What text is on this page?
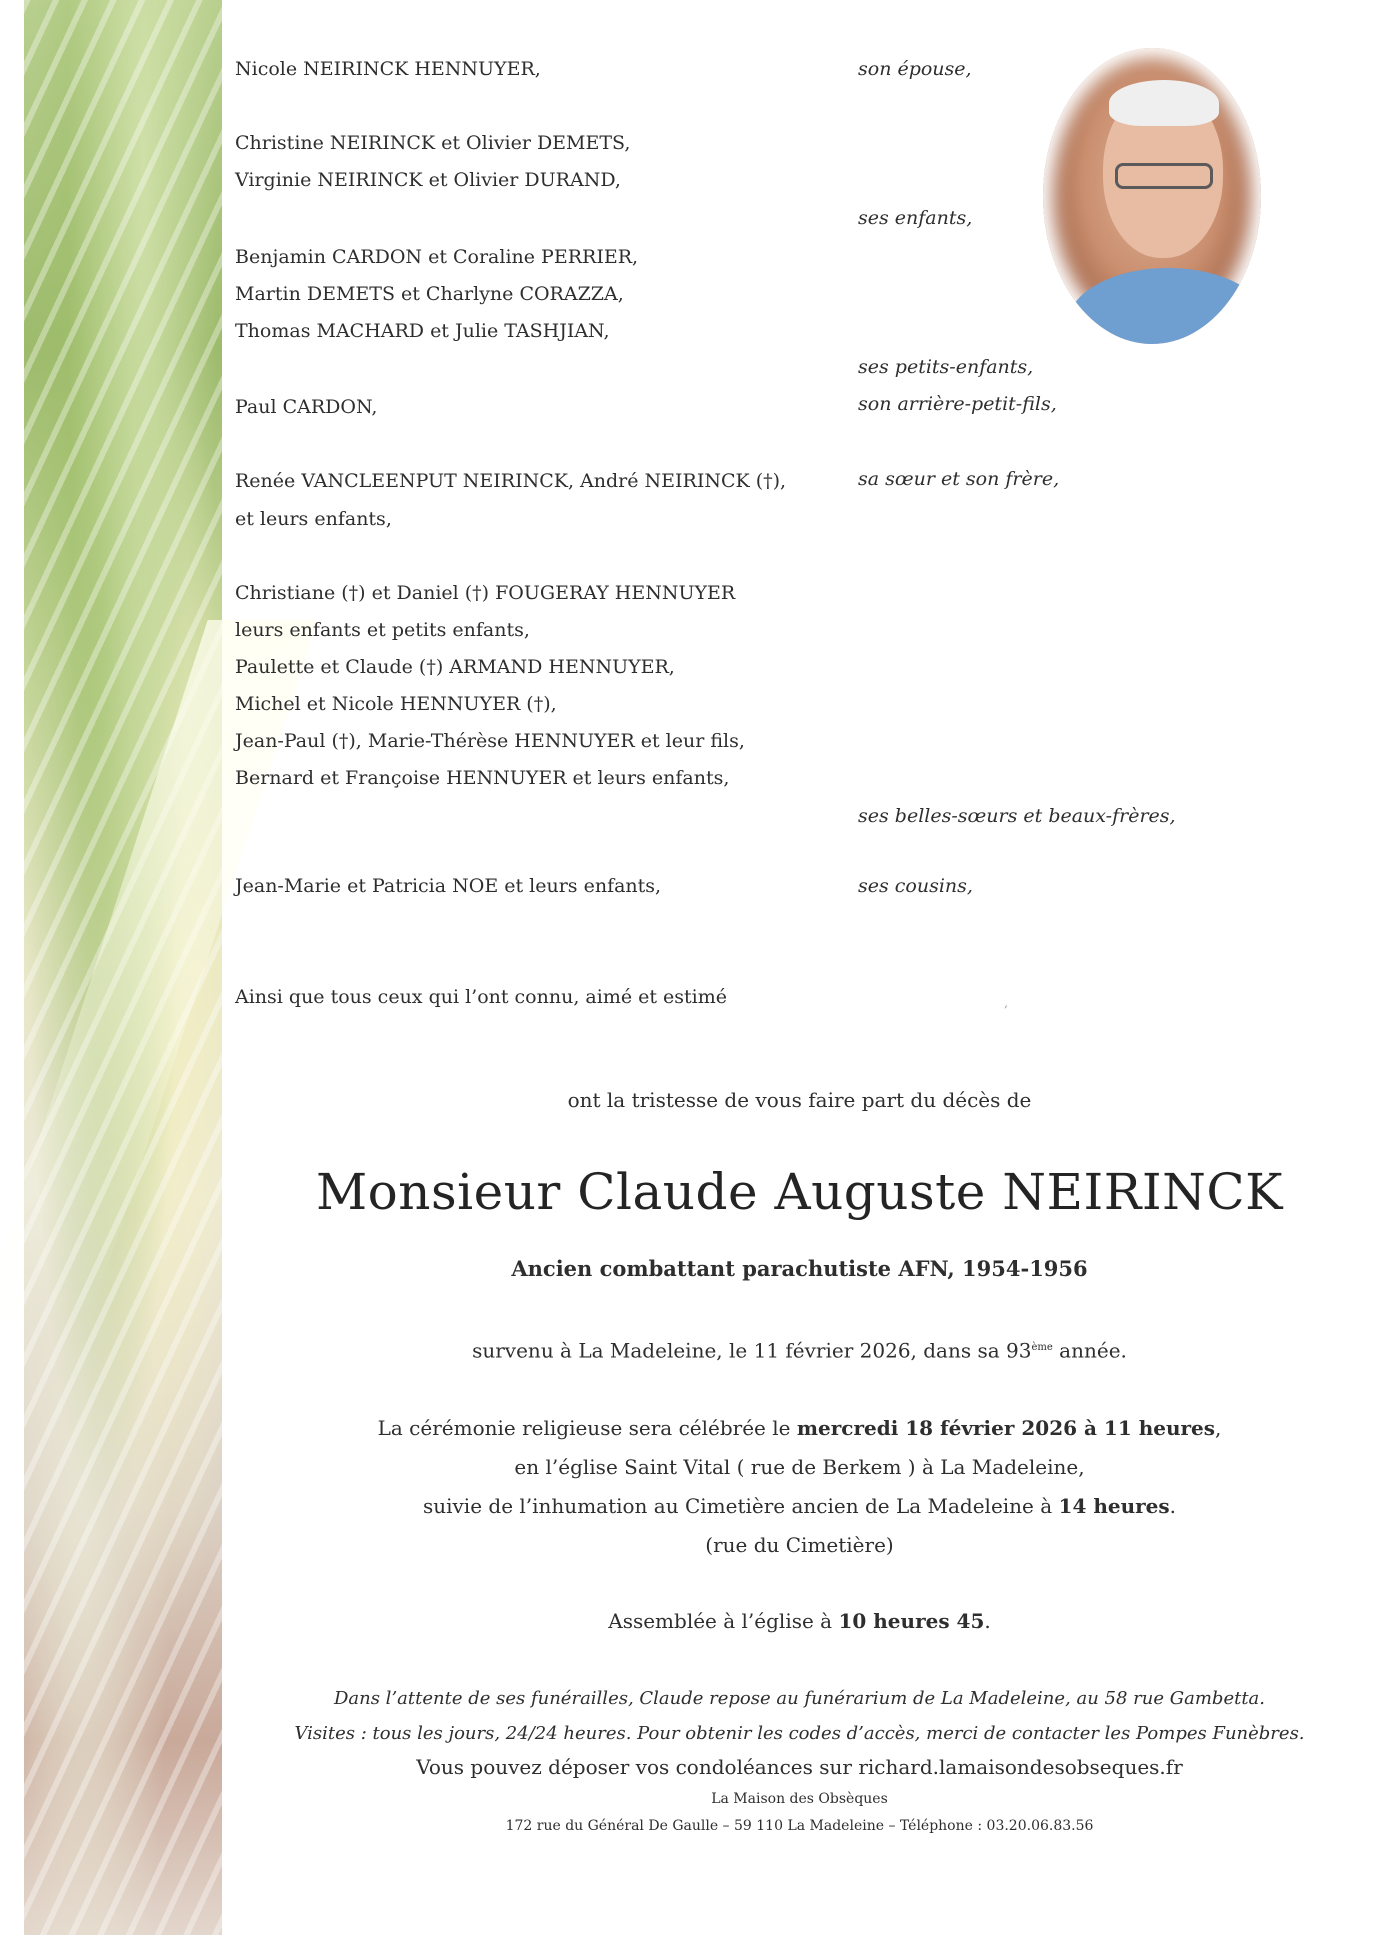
Nicole NEIRINCK HENNUYER,
Christine NEIRINCK et Olivier DEMETS,
Virginie NEIRINCK et Olivier DURAND,
Benjamin CARDON et Coraline PERRIER,
Martin DEMETS et Charlyne CORAZZA,
Thomas MACHARD et Julie TASHJIAN,
Paul CARDON,
Renée VANCLEENPUT NEIRINCK, André NEIRINCK (†),
et leurs enfants,
Christiane (†) et Daniel (†) FOUGERAY HENNUYER
leurs enfants et petits enfants,
Paulette et Claude (†) ARMAND HENNUYER,
Michel et Nicole HENNUYER (†),
Jean-Paul (†), Marie-Thérèse HENNUYER et leur fils,
Bernard et Françoise HENNUYER et leurs enfants,
Jean-Marie et Patricia NOE et leurs enfants,
Ainsi que tous ceux qui l’ont connu, aimé et estimé
son épouse,
ses enfants,
ses petits-enfants,
son arrière-petit-fils,
sa sœur et son frère,
ses belles-sœurs et beaux-frères,
ses cousins,
‚
ont la tristesse de vous faire part du décès de
Monsieur Claude Auguste NEIRINCK
Ancien combattant parachutiste AFN, 1954-1956
survenu à La Madeleine, le 11 février 2026, dans sa 93ème année.
La cérémonie religieuse sera célébrée le mercredi 18 février 2026 à 11 heures,
en l’église Saint Vital ( rue de Berkem ) à La Madeleine,
suivie de l’inhumation au Cimetière ancien de La Madeleine à 14 heures.
(rue du Cimetière)
Assemblée à l’église à 10 heures 45.
Dans l’attente de ses funérailles, Claude repose au funérarium de La Madeleine, au 58 rue Gambetta.
Visites : tous les jours, 24/24 heures. Pour obtenir les codes d’accès, merci de contacter les Pompes Funèbres.
Vous pouvez déposer vos condoléances sur richard.lamaisondesobseques.fr
La Maison des Obsèques
172 rue du Général De Gaulle – 59 110 La Madeleine – Téléphone : 03.20.06.83.56
